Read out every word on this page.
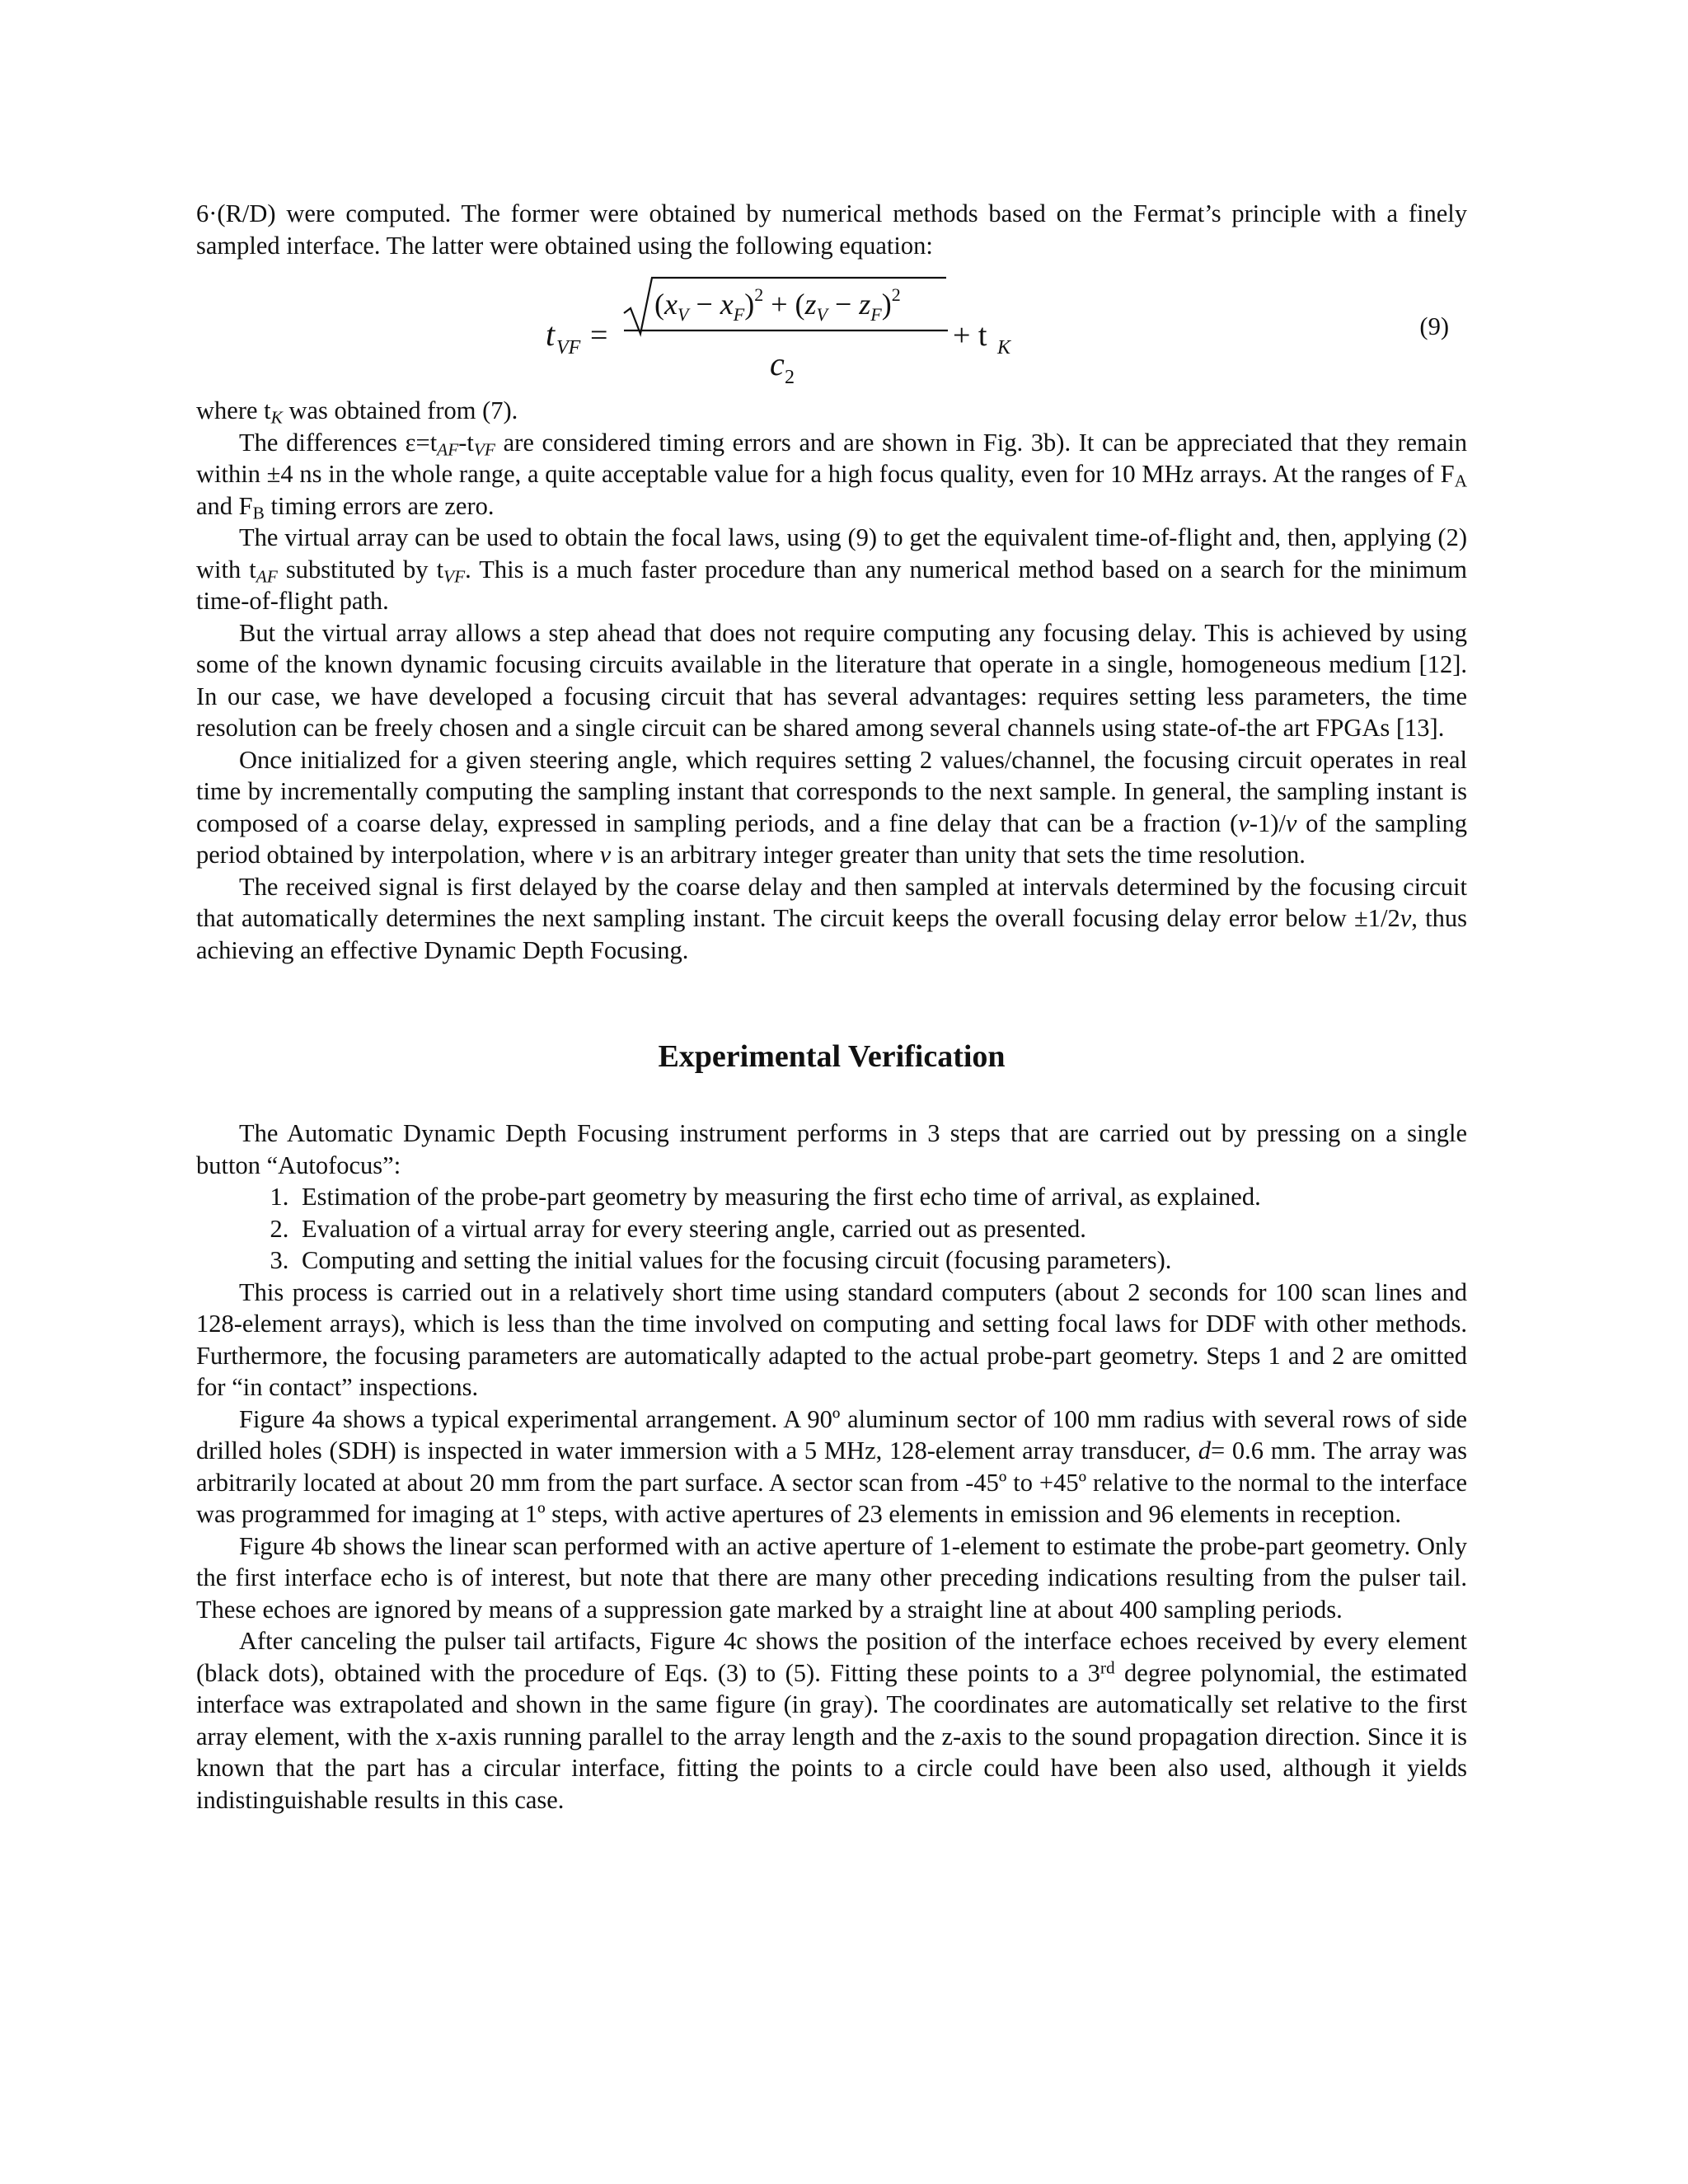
6·(R/D) were computed. The former were obtained by numerical methods based on the Fermat’s principle with a finely sampled interface. The latter were obtained using the following equation:

t VF =
$(x_V - x_F)^2 + (z_V - z_F)^2$
c 2
+ t K
(9)

where $t_K$ was obtained from (7).

The differences $\varepsilon=t_{AF}-t_{VF}$ are considered timing errors and are shown in Fig. 3b). It can be appreciated that they remain within ±4 ns in the whole range, a quite acceptable value for a high focus quality, even for 10 MHz arrays. At the ranges of $F_A$ and $F_B$ timing errors are zero.

The virtual array can be used to obtain the focal laws, using (9) to get the equivalent time-of-flight and, then, applying (2) with $t_{AF}$ substituted by $t_{VF}$. This is a much faster procedure than any numerical method based on a search for the minimum time-of-flight path.

But the virtual array allows a step ahead that does not require computing any focusing delay. This is achieved by using some of the known dynamic focusing circuits available in the literature that operate in a single, homogeneous medium [12]. In our case, we have developed a focusing circuit that has several advantages: requires setting less parameters, the time resolution can be freely chosen and a single circuit can be shared among several channels using state-of-the art FPGAs [13].

Once initialized for a given steering angle, which requires setting 2 values/channel, the focusing circuit operates in real time by incrementally computing the sampling instant that corresponds to the next sample. In general, the sampling instant is composed of a coarse delay, expressed in sampling periods, and a fine delay that can be a fraction (v-1)/v of the sampling period obtained by interpolation, where v is an arbitrary integer greater than unity that sets the time resolution.

The received signal is first delayed by the coarse delay and then sampled at intervals determined by the focusing circuit that automatically determines the next sampling instant. The circuit keeps the overall focusing delay error below ±1/2v, thus achieving an effective Dynamic Depth Focusing.

Experimental Verification

The Automatic Dynamic Depth Focusing instrument performs in 3 steps that are carried out by pressing on a single button “Autofocus”:

1. Estimation of the probe-part geometry by measuring the first echo time of arrival, as explained.
2. Evaluation of a virtual array for every steering angle, carried out as presented.
3. Computing and setting the initial values for the focusing circuit (focusing parameters).

This process is carried out in a relatively short time using standard computers (about 2 seconds for 100 scan lines and 128-element arrays), which is less than the time involved on computing and setting focal laws for DDF with other methods. Furthermore, the focusing parameters are automatically adapted to the actual probe-part geometry. Steps 1 and 2 are omitted for “in contact” inspections.

Figure 4a shows a typical experimental arrangement. A 90º aluminum sector of 100 mm radius with several rows of side drilled holes (SDH) is inspected in water immersion with a 5 MHz, 128-element array transducer, d= 0.6 mm. The array was arbitrarily located at about 20 mm from the part surface. A sector scan from -45º to +45º relative to the normal to the interface was programmed for imaging at 1º steps, with active apertures of 23 elements in emission and 96 elements in reception.

Figure 4b shows the linear scan performed with an active aperture of 1-element to estimate the probe-part geometry. Only the first interface echo is of interest, but note that there are many other preceding indications resulting from the pulser tail. These echoes are ignored by means of a suppression gate marked by a straight line at about 400 sampling periods.

After canceling the pulser tail artifacts, Figure 4c shows the position of the interface echoes received by every element (black dots), obtained with the procedure of Eqs. (3) to (5). Fitting these points to a 3rd degree polynomial, the estimated interface was extrapolated and shown in the same figure (in gray). The coordinates are automatically set relative to the first array element, with the x-axis running parallel to the array length and the z-axis to the sound propagation direction. Since it is known that the part has a circular interface, fitting the points to a circle could have been also used, although it yields indistinguishable results in this case.
